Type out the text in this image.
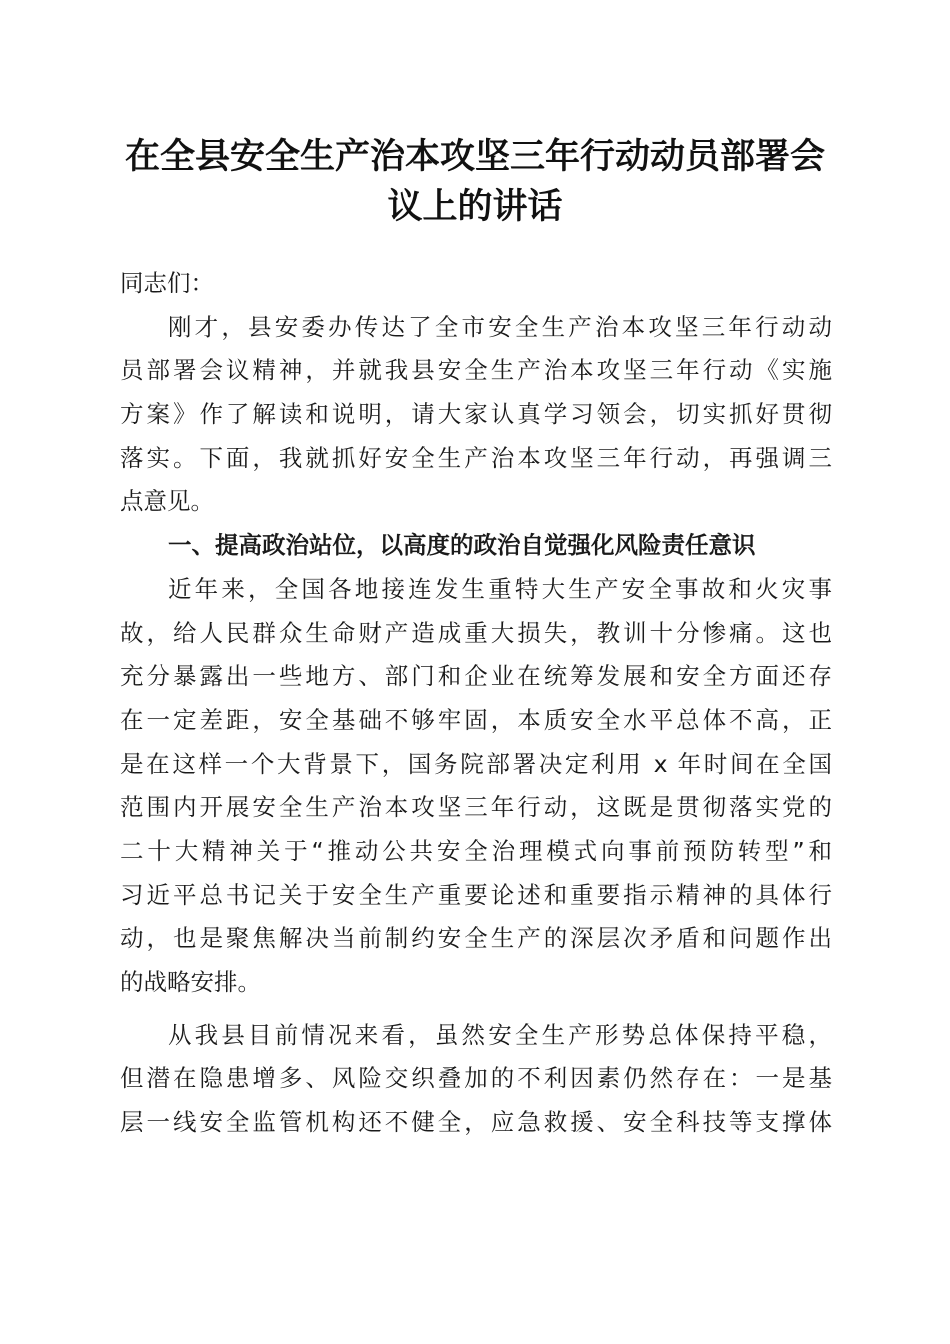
在全县安全生产治本攻坚三年行动动员部署会
议上的讲话
同志们：
刚才，县安委办传达了全市安全生产治本攻坚三年行动动
员部署会议精神，并就我县安全生产治本攻坚三年行动《实施
方案》作了解读和说明，请大家认真学习领会，切实抓好贯彻
落实。下面，我就抓好安全生产治本攻坚三年行动，再强调三
点意见。
一、提高政治站位，以高度的政治自觉强化风险责任意识
近年来，全国各地接连发生重特大生产安全事故和火灾事
故，给人民群众生命财产造成重大损失，教训十分惨痛。这也
充分暴露出一些地方、部门和企业在统筹发展和安全方面还存
在一定差距，安全基础不够牢固，本质安全水平总体不高，正
是在这样一个大背景下，国务院部署决定利用 x 年时间在全国
范围内开展安全生产治本攻坚三年行动，这既是贯彻落实党的
二十大精神关于“推动公共安全治理模式向事前预防转型”和
习近平总书记关于安全生产重要论述和重要指示精神的具体行
动，也是聚焦解决当前制约安全生产的深层次矛盾和问题作出
的战略安排。
从我县目前情况来看，虽然安全生产形势总体保持平稳，
但潜在隐患增多、风险交织叠加的不利因素仍然存在：一是基
层一线安全监管机构还不健全，应急救援、安全科技等支撑体
